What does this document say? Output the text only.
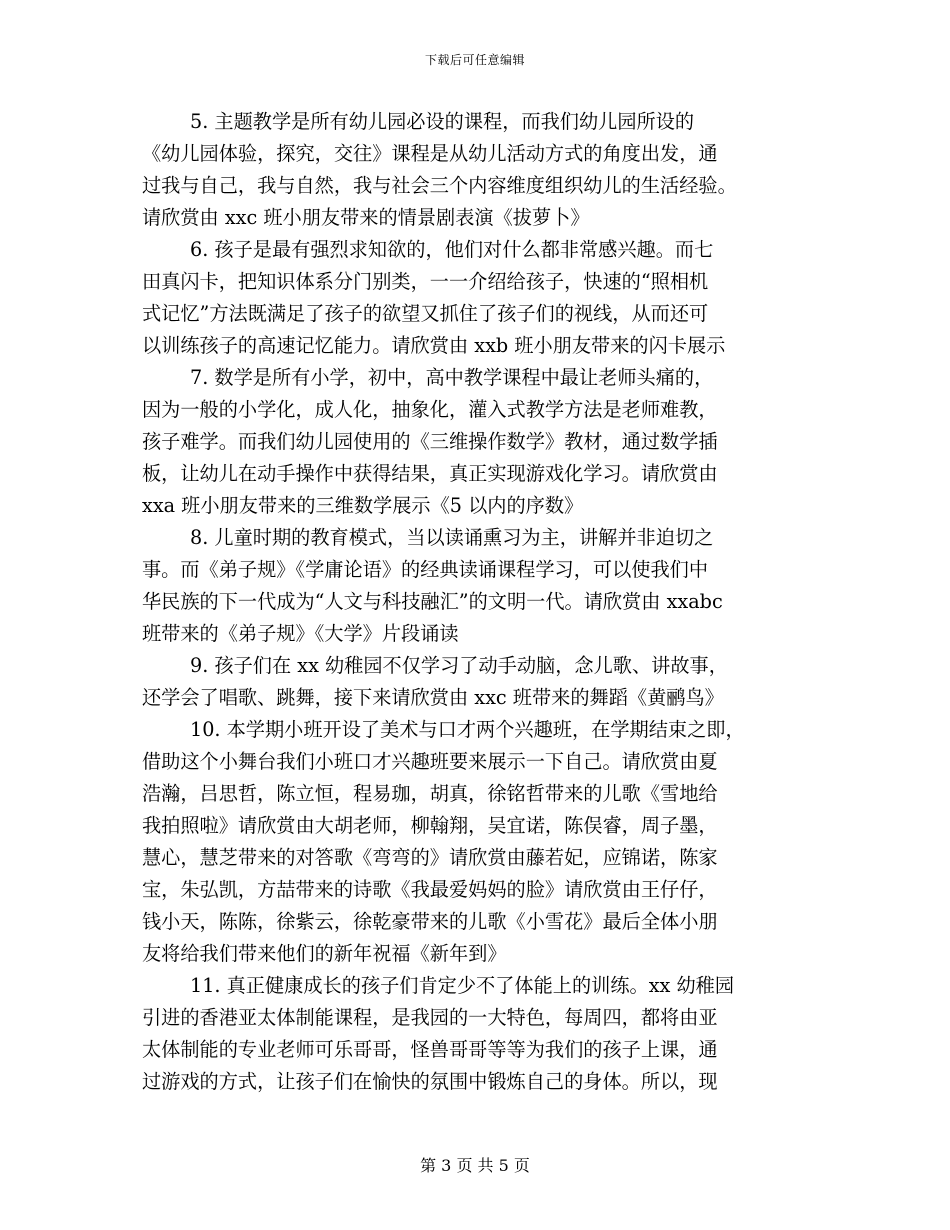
下载后可任意编辑
5. 主题教学是所有幼儿园必设的课程，而我们幼儿园所设的
《幼儿园体验，探究，交往》课程是从幼儿活动方式的角度出发，通
过我与自己，我与自然，我与社会三个内容维度组织幼儿的生活经验。
请欣赏由 xxc 班小朋友带来的情景剧表演《拔萝卜》
6. 孩子是最有强烈求知欲的，他们对什么都非常感兴趣。而七
田真闪卡，把知识体系分门别类，一一介绍给孩子，快速的“照相机
式记忆”方法既满足了孩子的欲望又抓住了孩子们的视线，从而还可
以训练孩子的高速记忆能力。请欣赏由 xxb 班小朋友带来的闪卡展示
7. 数学是所有小学，初中，高中教学课程中最让老师头痛的，
因为一般的小学化，成人化，抽象化，灌入式教学方法是老师难教，
孩子难学。而我们幼儿园使用的《三维操作数学》教材，通过数学插
板，让幼儿在动手操作中获得结果，真正实现游戏化学习。请欣赏由
xxa 班小朋友带来的三维数学展示《5 以内的序数》
8. 儿童时期的教育模式，当以读诵熏习为主，讲解并非迫切之
事。而《弟子规》《学庸论语》的经典读诵课程学习，可以使我们中
华民族的下一代成为“人文与科技融汇”的文明一代。请欣赏由 xxabc
班带来的《弟子规》《大学》片段诵读
9. 孩子们在 xx 幼稚园不仅学习了动手动脑，念儿歌、讲故事，
还学会了唱歌、跳舞，接下来请欣赏由 xxc 班带来的舞蹈《黄鹂鸟》
10. 本学期小班开设了美术与口才两个兴趣班，在学期结束之即，
借助这个小舞台我们小班口才兴趣班要来展示一下自己。请欣赏由夏
浩瀚，吕思哲，陈立恒，程易珈，胡真，徐铭哲带来的儿歌《雪地给
我拍照啦》请欣赏由大胡老师，柳翰翔，吴宜诺，陈俣睿，周子墨，
慧心，慧芝带来的对答歌《弯弯的》请欣赏由藤若妃，应锦诺，陈家
宝，朱弘凯，方喆带来的诗歌《我最爱妈妈的脸》请欣赏由王仔仔，
钱小天，陈陈，徐紫云，徐乾豪带来的儿歌《小雪花》最后全体小朋
友将给我们带来他们的新年祝福《新年到》
11. 真正健康成长的孩子们肯定少不了体能上的训练。xx 幼稚园
引进的香港亚太体制能课程，是我园的一大特色，每周四，都将由亚
太体制能的专业老师可乐哥哥，怪兽哥哥等等为我们的孩子上课，通
过游戏的方式，让孩子们在愉快的氛围中锻炼自己的身体。所以，现
第 3 页 共 5 页
